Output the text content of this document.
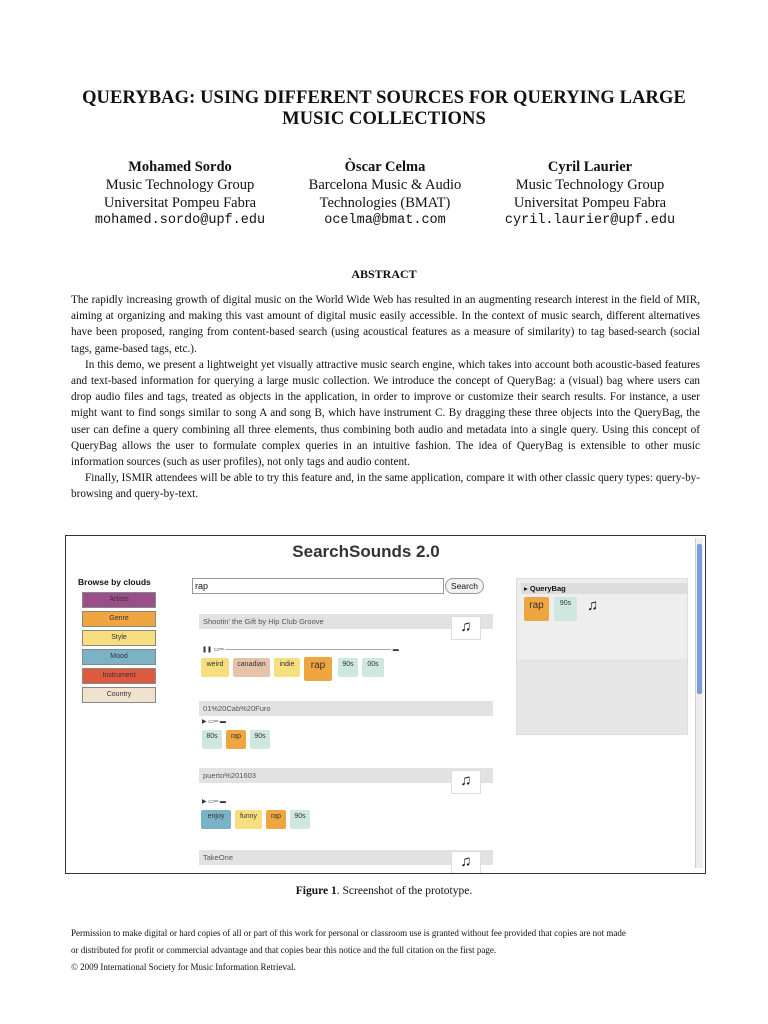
QUERYBAG: USING DIFFERENT SOURCES FOR QUERYING LARGE
MUSIC COLLECTIONS
Mohamed Sordo
Music Technology Group
Universitat Pompeu Fabra
mohamed.sordo@upf.edu
Òscar Celma
Barcelona Music & Audio
Technologies (BMAT)
ocelma@bmat.com
Cyril Laurier
Music Technology Group
Universitat Pompeu Fabra
cyril.laurier@upf.edu
ABSTRACT

The rapidly increasing growth of digital music on the World Wide Web has resulted in an augmenting research interest in the field of MIR, aiming at organizing and making this vast amount of digital music easily accessible. In the context of music search, different alternatives have been proposed, ranging from content-based search (using acoustical features as a measure of similarity) to tag based-search (social tags, game-based tags, etc.).

In this demo, we present a lightweight yet visually attractive music search engine, which takes into account both acoustic-based features and text-based information for querying a large music collection. We introduce the concept of QueryBag: a (visual) bag where users can drop audio files and tags, treated as objects in the application, in order to improve or customize their search results. For instance, a user might want to find songs similar to song A and song B, which have instrument C. By dragging these three objects into the QueryBag, the user can define a query combining all three elements, thus combining both audio and metadata into a single query. Using this concept of QueryBag allows the user to formulate complex queries in an intuitive fashion. The idea of QueryBag is extensible to other music information sources (such as user profiles), not only tags and audio content.

Finally, ISMIR attendees will be able to try this feature and, in the same application, compare it with other classic query types: query-by-browsing and query-by-text.

SearchSounds 2.0
Browse by clouds
Artists
Genre
Style
Mood
Instrument
Country
rap	Search	▸ QueryBag
rap	90s	♫
Shootin' the Gift by Hip Club Groove	♫
❚❚ ▭═ ─────────────────────────────────────── ▬
weird	canadian	indie	rap	90s	00s
01%20Cab%20Furo
▶ ▭═ ▬
80s	rap	90s
puerto%201603	♫
▶ ▭═ ▬
enjoy	funny	rap	90s
TakeOne	♫
Figure 1. Screenshot of the prototype.
Permission to make digital or hard copies of all or part of this work for personal or classroom use is granted without fee provided that copies are not made
or distributed for profit or commercial advantage and that copies bear this notice and the full citation on the first page.
© 2009 International Society for Music Information Retrieval.
